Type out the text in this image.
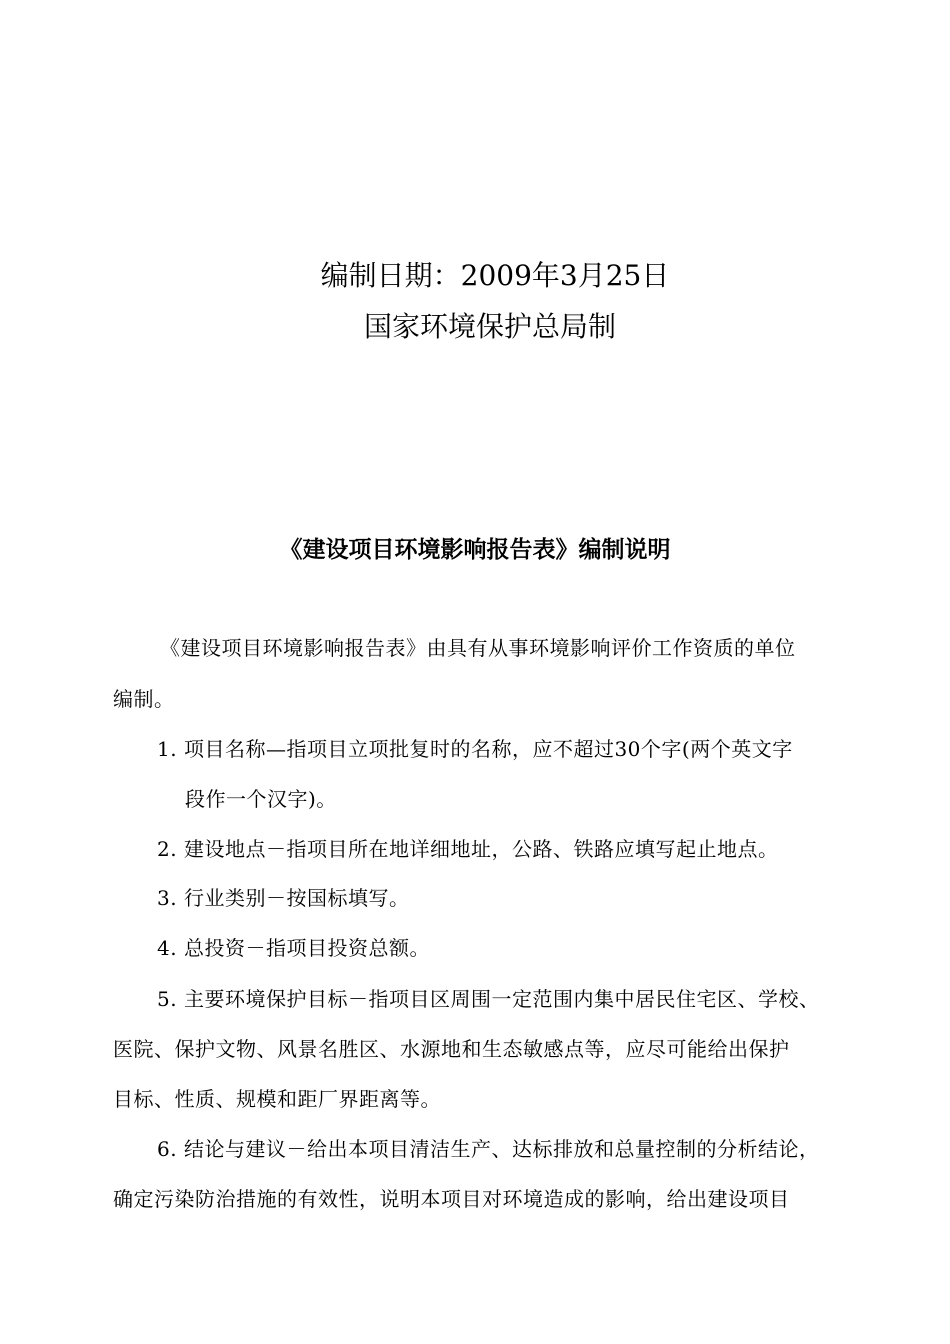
编制日期：2009年3月25日
国家环境保护总局制
《建设项目环境影响报告表》编制说明
《建设项目环境影响报告表》由具有从事环境影响评价工作资质的单位
编制。
1. 项目名称—指项目立项批复时的名称，应不超过30个字(两个英文字
段作一个汉字)。
2. 建设地点－指项目所在地详细地址，公路、铁路应填写起止地点。
3. 行业类别－按国标填写。
4. 总投资－指项目投资总额。
5. 主要环境保护目标－指项目区周围一定范围内集中居民住宅区、学校、
医院、保护文物、风景名胜区、水源地和生态敏感点等，应尽可能给出保护
目标、性质、规模和距厂界距离等。
6. 结论与建议－给出本项目清洁生产、达标排放和总量控制的分析结论，
确定污染防治措施的有效性，说明本项目对环境造成的影响，给出建设项目
